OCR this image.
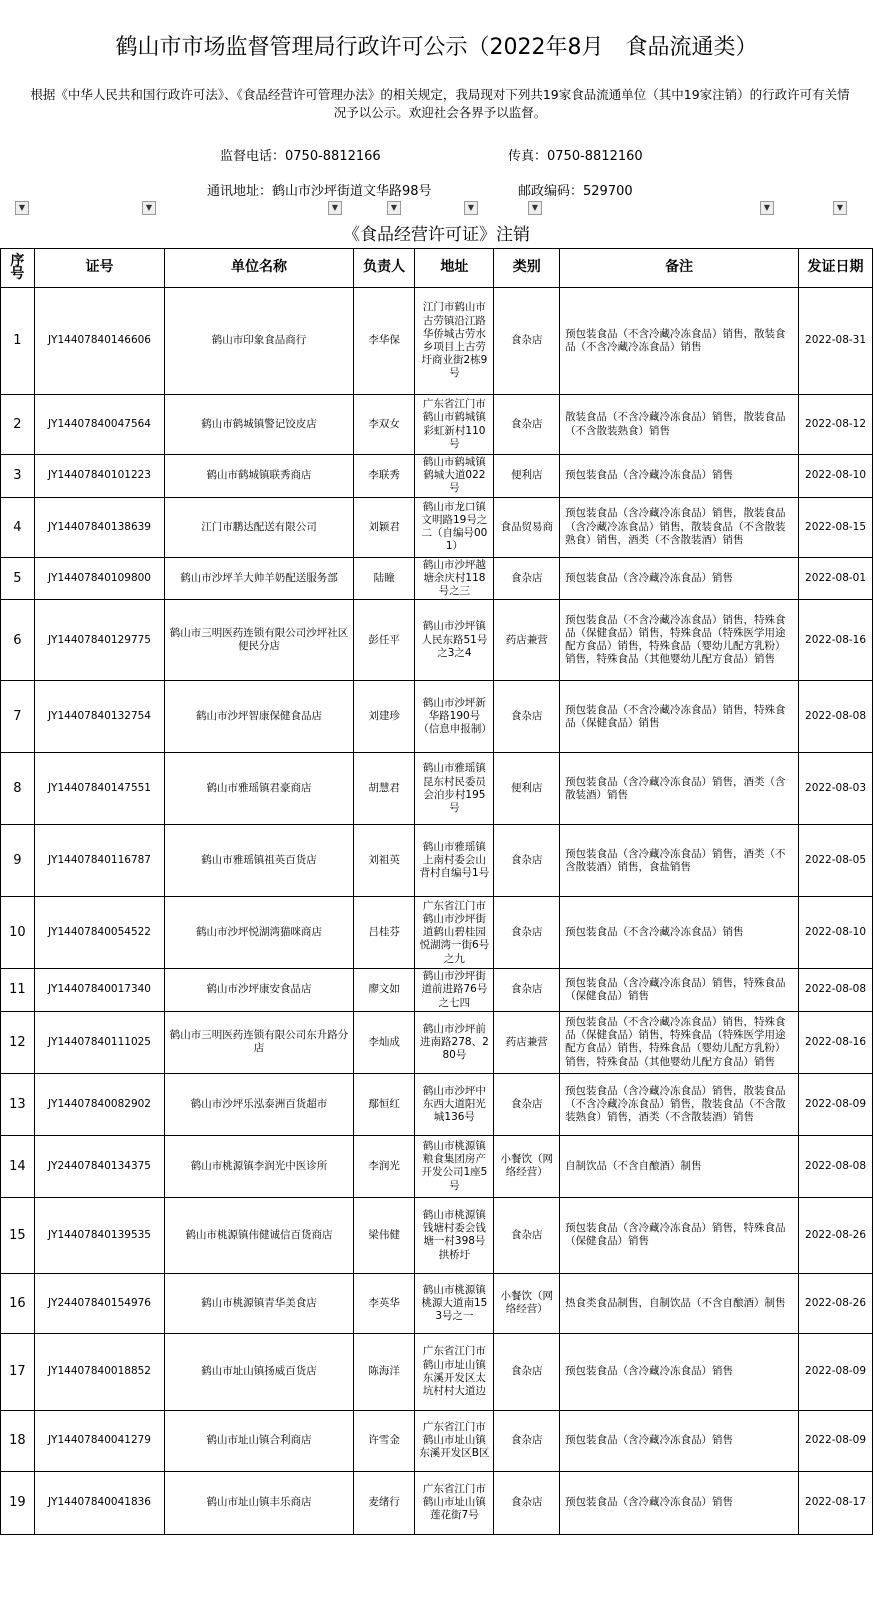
鹤山市市场监督管理局行政许可公示（2022年8月　食品流通类）
根据《中华人民共和国行政许可法》、《食品经营许可管理办法》的相关规定，我局现对下列共19家食品流通单位（其中19家注销）的行政许可有关情况予以公示。欢迎社会各界予以监督。
监督电话：0750-8812166	传真：0750-8812160
通讯地址：鹤山市沙坪街道文华路98号	邮政编码：529700
▼	▼	▼	▼	▼	▼	▼	▼
《食品经营许可证》注销
序号	证号	单位名称	负责人	地址	类别	备注	发证日期
1	JY14407840146606	鹤山市印象食品商行	李华保	江门市鹤山市古劳镇沿江路华侨城古劳水乡项目上古劳圩商业街2栋9号	食杂店	预包装食品（不含冷藏冷冻食品）销售，散装食品（不含冷藏冷冻食品）销售	2022-08-31
2	JY14407840047564	鹤山市鹤城镇警记饺皮店	李双女	广东省江门市鹤山市鹤城镇彩虹新村110号	食杂店	散装食品（不含冷藏冷冻食品）销售，散装食品（不含散装熟食）销售	2022-08-12
3	JY14407840101223	鹤山市鹤城镇联秀商店	李联秀	鹤山市鹤城镇鹤城大道022号	便利店	预包装食品（含冷藏冷冻食品）销售	2022-08-10
4	JY14407840138639	江门市鹏达配送有限公司	刘颖君	鹤山市龙口镇文明路19号之二（自编号001）	食品贸易商	预包装食品（含冷藏冷冻食品）销售，散装食品（含冷藏冷冻食品）销售，散装食品（不含散装熟食）销售，酒类（不含散装酒）销售	2022-08-15
5	JY14407840109800	鹤山市沙坪羊大帅羊奶配送服务部	陆瞳	鹤山市沙坪越塘余庆村118号之三	食杂店	预包装食品（含冷藏冷冻食品）销售	2022-08-01
6	JY14407840129775	鹤山市三明医药连锁有限公司沙坪社区便民分店	彭任平	鹤山市沙坪镇人民东路51号之3之4	药店兼营	预包装食品（不含冷藏冷冻食品）销售，特殊食品（保健食品）销售，特殊食品（特殊医学用途配方食品）销售，特殊食品（婴幼儿配方乳粉）销售，特殊食品（其他婴幼儿配方食品）销售	2022-08-16
7	JY14407840132754	鹤山市沙坪智康保健食品店	刘建珍	鹤山市沙坪新华路190号（信息申报制）	食杂店	预包装食品（不含冷藏冷冻食品）销售，特殊食品（保健食品）销售	2022-08-08
8	JY14407840147551	鹤山市雅瑶镇君豪商店	胡慧君	鹤山市雅瑶镇昆东村民委员会泊步村195号	便利店	预包装食品（含冷藏冷冻食品）销售，酒类（含散装酒）销售	2022-08-03
9	JY14407840116787	鹤山市雅瑶镇祖英百货店	刘祖英	鹤山市雅瑶镇上南村委会山背村自编号1号	食杂店	预包装食品（含冷藏冷冻食品）销售，酒类（不含散装酒）销售，食盐销售	2022-08-05
10	JY14407840054522	鹤山市沙坪悦湖湾猫咪商店	吕桂芬	广东省江门市鹤山市沙坪街道鹤山碧桂园悦湖湾一街6号之九	食杂店	预包装食品（不含冷藏冷冻食品）销售	2022-08-10
11	JY14407840017340	鹤山市沙坪康安食品店	廖文如	鹤山市沙坪街道前进路76号之七四	食杂店	预包装食品（含冷藏冷冻食品）销售，特殊食品（保健食品）销售	2022-08-08
12	JY14407840111025	鹤山市三明医药连锁有限公司东升路分店	李灿成	鹤山市沙坪前进南路278、280号	药店兼营	预包装食品（不含冷藏冷冻食品）销售，特殊食品（保健食品）销售，特殊食品（特殊医学用途配方食品）销售，特殊食品（婴幼儿配方乳粉）销售，特殊食品（其他婴幼儿配方食品）销售	2022-08-16
13	JY14407840082902	鹤山市沙坪乐泓泰洲百货超市	鄢恒红	鹤山市沙坪中东西大道阳光城136号	食杂店	预包装食品（含冷藏冷冻食品）销售，散装食品（不含冷藏冷冻食品）销售，散装食品（不含散装熟食）销售，酒类（不含散装酒）销售	2022-08-09
14	JY24407840134375	鹤山市桃源镇李润光中医诊所	李润光	鹤山市桃源镇粮食集团房产开发公司1座5号	小餐饮（网络经营）	自制饮品（不含自酿酒）制售	2022-08-08
15	JY14407840139535	鹤山市桃源镇伟健诚信百货商店	梁伟健	鹤山市桃源镇钱塘村委会钱塘一村398号拱桥圩	食杂店	预包装食品（含冷藏冷冻食品）销售，特殊食品（保健食品）销售	2022-08-26
16	JY24407840154976	鹤山市桃源镇青华美食店	李英华	鹤山市桃源镇桃源大道南153号之一	小餐饮（网络经营）	热食类食品制售，自制饮品（不含自酿酒）制售	2022-08-26
17	JY14407840018852	鹤山市址山镇扬威百货店	陈海洋	广东省江门市鹤山市址山镇东溪开发区太坑村村大道边	食杂店	预包装食品（含冷藏冷冻食品）销售	2022-08-09
18	JY14407840041279	鹤山市址山镇合利商店	许雪金	广东省江门市鹤山市址山镇东溪开发区B区	食杂店	预包装食品（含冷藏冷冻食品）销售	2022-08-09
19	JY14407840041836	鹤山市址山镇丰乐商店	麦绪行	广东省江门市鹤山市址山镇莲花街7号	食杂店	预包装食品（含冷藏冷冻食品）销售	2022-08-17
